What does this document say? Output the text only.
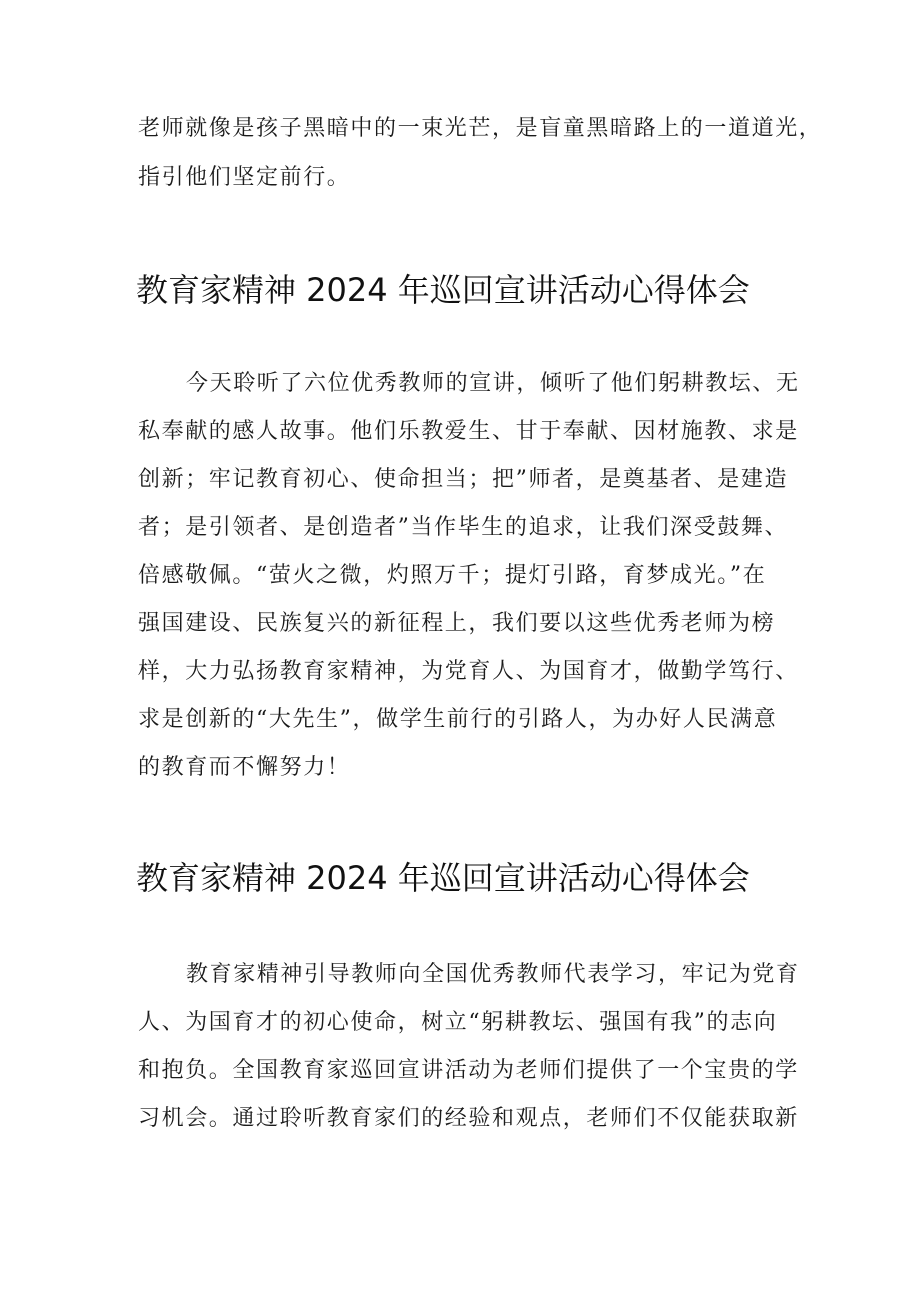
老师就像是孩子黑暗中的一束光芒，是盲童黑暗路上的一道道光，
指引他们坚定前行。
教育家精神 2024 年巡回宣讲活动心得体会
今天聆听了六位优秀教师的宣讲，倾听了他们躬耕教坛、无
私奉献的感人故事。他们乐教爱生、甘于奉献、因材施教、求是
创新；牢记教育初心、使命担当；把”师者，是奠基者、是建造
者；是引领者、是创造者”当作毕生的追求，让我们深受鼓舞、
倍感敬佩。“萤火之微，灼照万千；提灯引路，育梦成光。”在
强国建设、民族复兴的新征程上，我们要以这些优秀老师为榜
样，大力弘扬教育家精神，为党育人、为国育才，做勤学笃行、
求是创新的“大先生”，做学生前行的引路人，为办好人民满意
的教育而不懈努力！
教育家精神 2024 年巡回宣讲活动心得体会
教育家精神引导教师向全国优秀教师代表学习，牢记为党育
人、为国育才的初心使命，树立“躬耕教坛、强国有我”的志向
和抱负。全国教育家巡回宣讲活动为老师们提供了一个宝贵的学
习机会。通过聆听教育家们的经验和观点，老师们不仅能获取新
